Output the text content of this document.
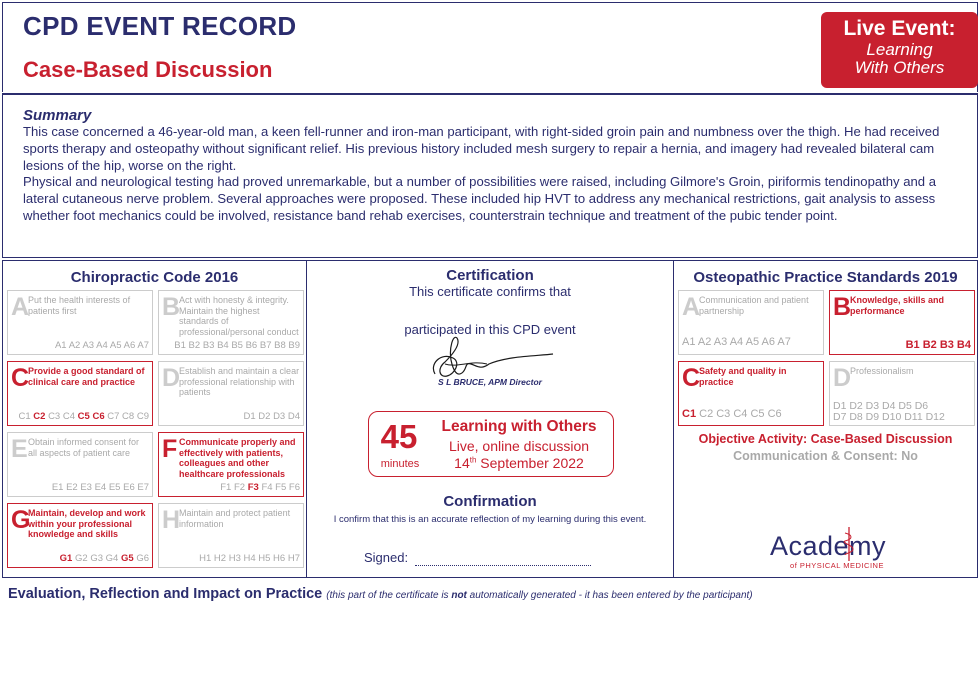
CPD EVENT RECORD
Case-Based Discussion
Live Event:
Learning
With Others
Summary

This case concerned a 46-year-old man, a keen fell-runner and iron-man participant, with right-sided groin pain and numbness over the thigh. He had received sports therapy and osteopathy without significant relief. His previous history included mesh surgery to repair a hernia, and imagery had revealed bilateral cam lesions of the hip, worse on the right.

Physical and neurological testing had proved unremarkable, but a number of possibilities were raised, including Gilmore's Groin, piriformis tendinopathy and a lateral cutaneous nerve problem. Several approaches were proposed. These included hip HVT to address any mechanical restrictions, gait analysis to assess whether foot mechanics could be involved, resistance band rehab exercises, counterstrain technique and treatment of the pubic tender point.

Chiropractic Code 2016
A
Put the health interests of patients first
A1 A2 A3 A4 A5 A6 A7
B
Act with honesty & integrity. Maintain the highest standards of professional/personal conduct
B1 B2 B3 B4 B5 B6 B7 B8 B9
C
Provide a good standard of clinical care and practice
C1 C2 C3 C4 C5 C6 C7 C8 C9
D
Establish and maintain a clear professional relationship with patients
D1 D2 D3 D4
E Obtain informed consent for all aspects of patient care
E1 E2 E3 E4 E5 E6 E7
F Communicate properly and effectively with patients, colleagues and other healthcare professionals
F1 F2 F3 F4 F5 F6
G
Maintain, develop and work within your professional knowledge and skills
G1 G2 G3 G4 G5 G6
H
Maintain and protect patient information
H1 H2 H3 H4 H5 H6 H7
Certification
This certificate confirms that
participated in this CPD event
S L BRUCE, APM Director
45
minutes
Learning with Others
Live, online discussion
14th September 2022
Confirmation
I confirm that this is an accurate reflection of my learning during this event.
Signed:
Osteopathic Practice Standards 2019
A
Communication and patient partnership
A1 A2 A3 A4 A5 A6 A7
B
Knowledge, skills and performance
B1 B2 B3 B4
C
Safety and quality in practice
C1 C2 C3 C4 C5 C6
D
Professionalism
D1 D2 D3 D4 D5 D6
D7 D8 D9 D10 D11 D12
Objective Activity: Case-Based Discussion
Communication & Consent: No
Academy
of PHYSICAL MEDICINE
Evaluation, Reflection and Impact on Practice (this part of the certificate is not automatically generated - it has been entered by the participant)
